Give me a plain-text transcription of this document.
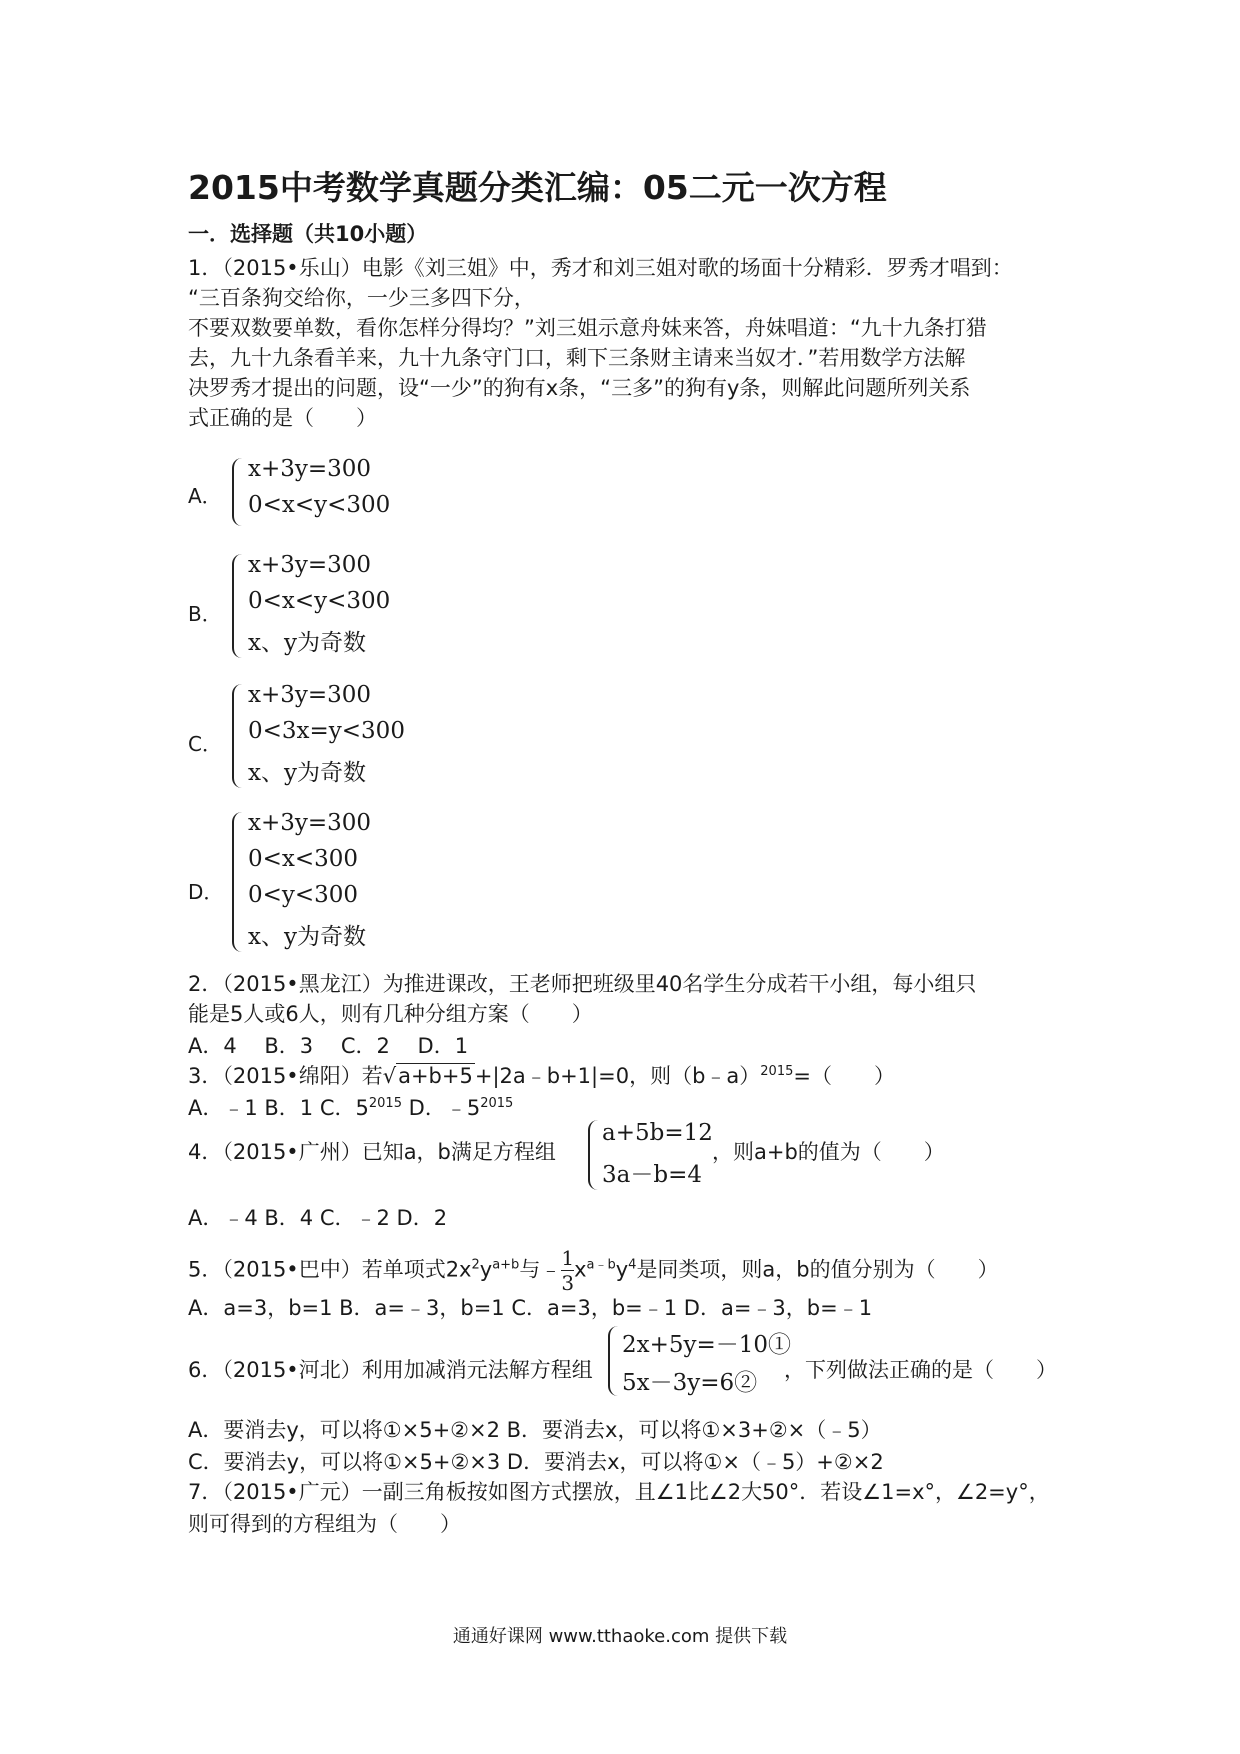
2015中考数学真题分类汇编：05二元一次方程
一．选择题（共10小题）
1．（2015•乐山）电影《刘三姐》中，秀才和刘三姐对歌的场面十分精彩．罗秀才唱到：
“三百条狗交给你，一少三多四下分，
不要双数要单数，看你怎样分得均？”刘三姐示意舟妹来答，舟妹唱道：“九十九条打猎
去，九十九条看羊来，九十九条守门口，剩下三条财主请来当奴才．”若用数学方法解
决罗秀才提出的问题，设“一少”的狗有x条，“三多”的狗有y条，则解此问题所列关系
式正确的是（　　）
A．
x+3y=300
0<x<y<300
B．
x+3y=300
0<x<y<300
x、y为奇数
C．
x+3y=300
0<3x=y<300
x、y为奇数
D．
x+3y=300
0<x<300
0<y<300
x、y为奇数
2．（2015•黑龙江）为推进课改，王老师把班级里40名学生分成若干小组，每小组只
能是5人或6人，则有几种分组方案（　　）
A．4　 B．3　 C．2　 D．1
3．（2015•绵阳）若√a+b+5+|2a﹣b+1|=0，则（b﹣a）$^{2015}$=（　　）
A．﹣1 B．1 C．$5^{2015}$ D．$﹣5^{2015}$
4．（2015•广州）已知a，b满足方程组
a+5b=12
3a－b=4
，则a+b的值为（　　）
A．﹣4 B．4 C．﹣2 D．2
5．（2015•巴中）若单项式$2x^2y^{a+b}$与﹣ $\frac{1}{3} x^{a﹣b}y^4$是同类项，则a，b的值分别为（　　）
A．a=3，b=1 B．a=﹣3，b=1 C．a=3，b=﹣1 D．a=﹣3，b=﹣1
6．（2015•河北）利用加减消元法解方程组
2x+5y=－10①
5x－3y=6② ，下列做法正确的是（　　）
A．要消去y，可以将①×5+②×2 B．要消去x，可以将①×3+②×（﹣5）
C．要消去y，可以将①×5+②×3 D．要消去x，可以将①×（﹣5）+②×2
7．（2015•广元）一副三角板按如图方式摆放，且∠1比∠2大50°．若设∠1=x°，∠2=y°，
则可得到的方程组为（　　）
通通好课网 www.tthaoke.com 提供下载
